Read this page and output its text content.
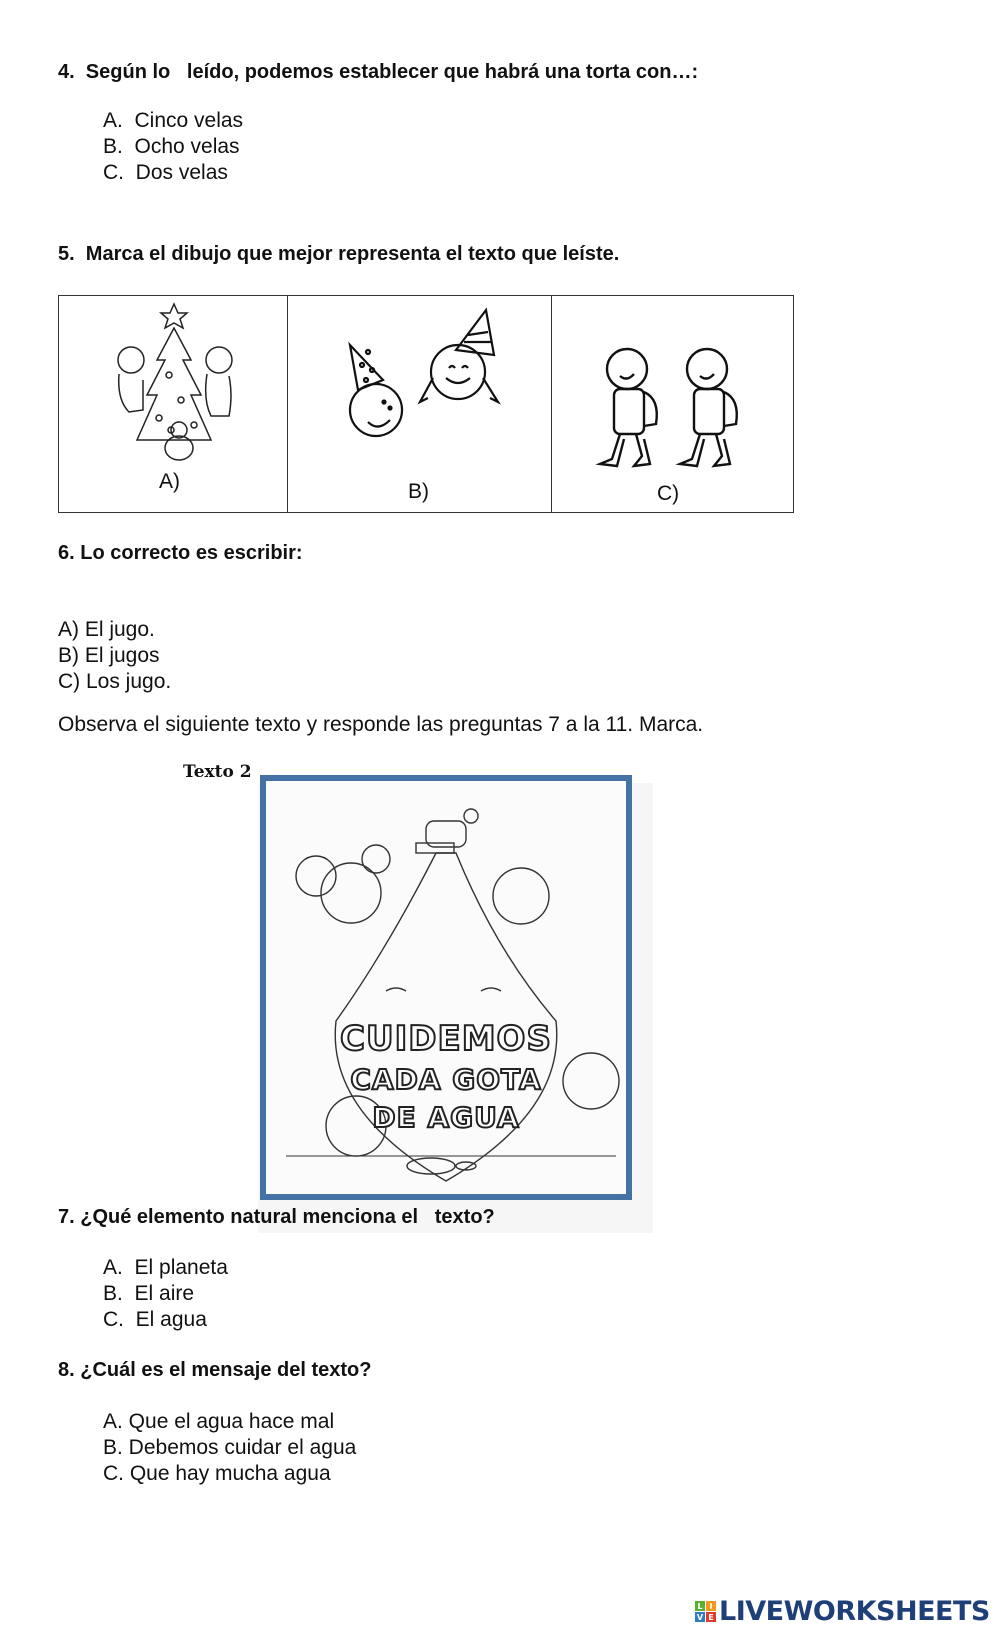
4.  Según lo   leído, podemos establecer que habrá una torta con…:
A.  Cinco velas
B.  Ocho velas
C.  Dos velas
5.  Marca el dibujo que mejor representa el texto que leíste.
A)	B)	C)
6. Lo correcto es escribir:
A) El jugo.
B) El jugos
C) Los jugo.
Observa el siguiente texto y responde las preguntas 7 a la 11. Marca.
Texto 2
CUIDEMOS
CADA GOTA
DE AGUA
7. ¿Qué elemento natural menciona el   texto?
A.  El planeta
B.  El aire
C.  El agua
8. ¿Cuál es el mensaje del texto?
A. Que el agua hace mal
B. Debemos cuidar el agua
C. Que hay mucha agua
L I
V E LIVEWORKSHEETS
